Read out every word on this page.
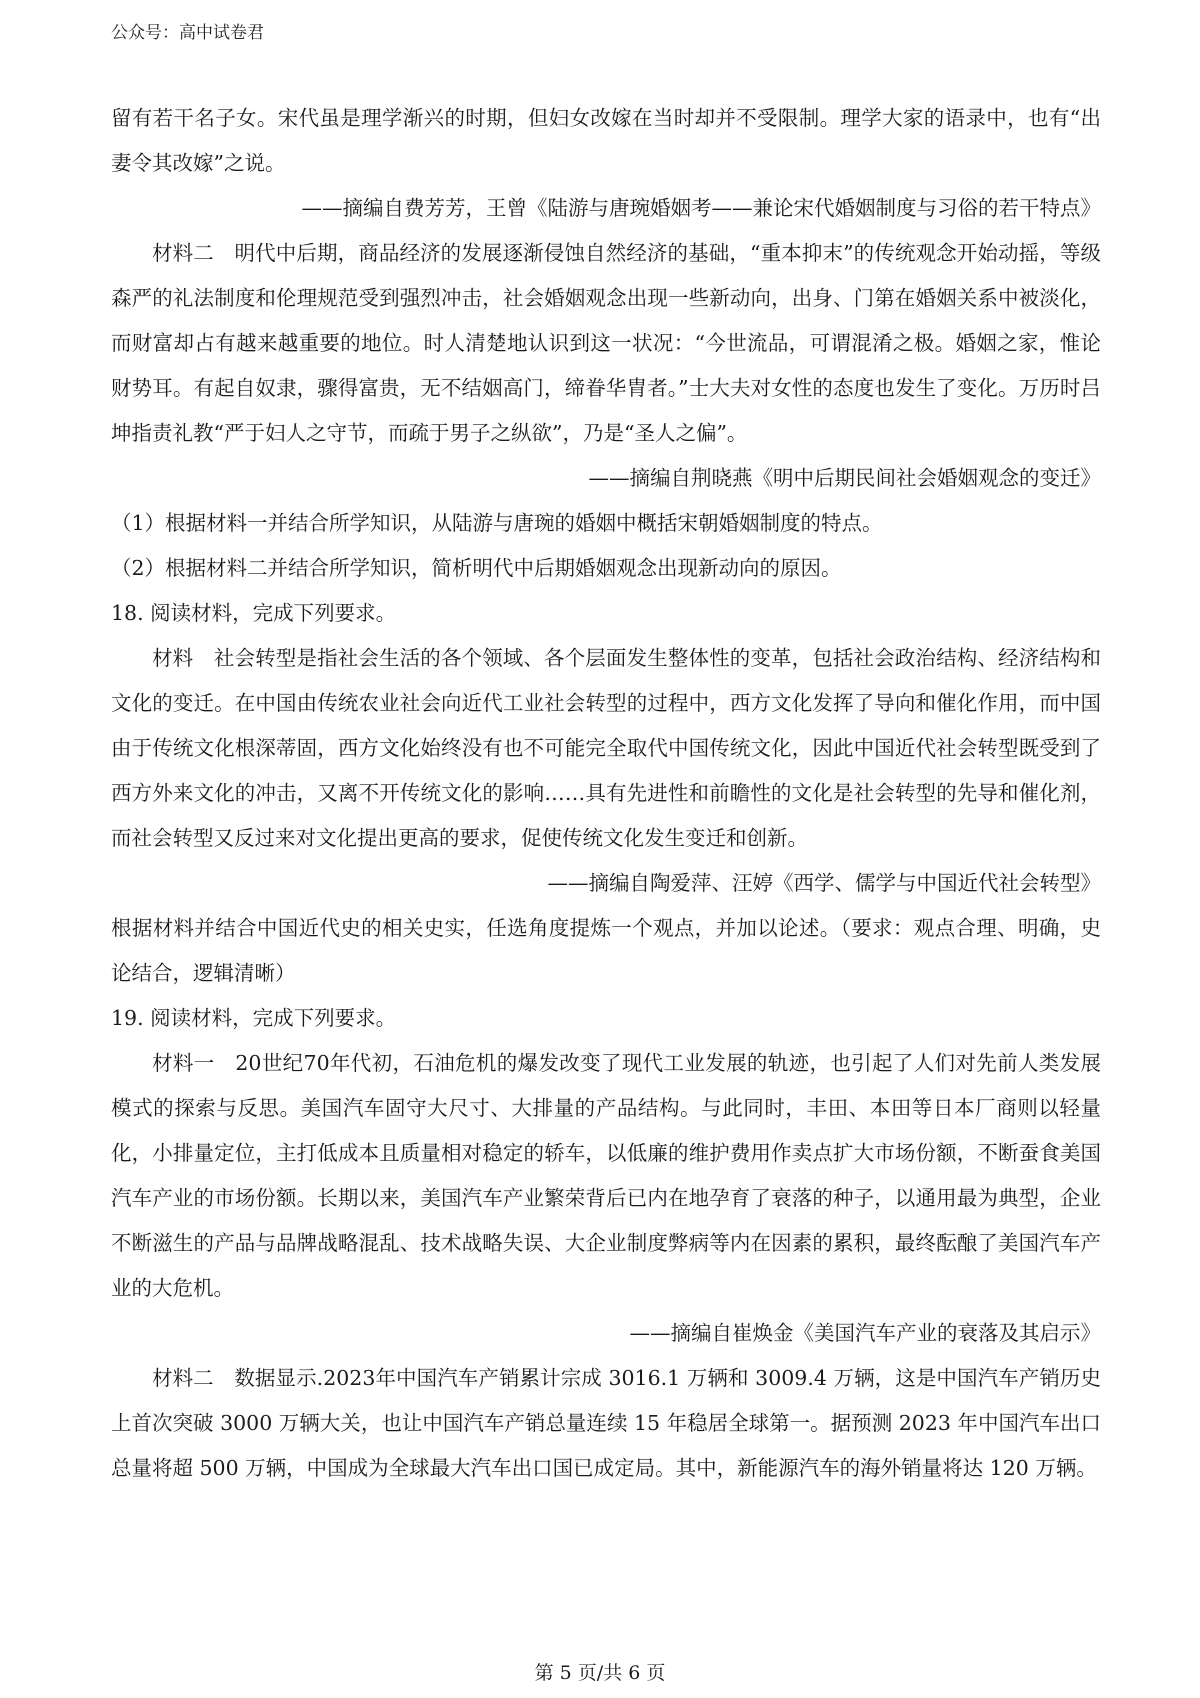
公众号：高中试卷君

留有若干名子女。宋代虽是理学渐兴的时期，但妇女改嫁在当时却并不受限制。理学大家的语录中，也有“出妻令其改嫁”之说。

——摘编自费芳芳，王曾《陆游与唐琬婚姻考——兼论宋代婚姻制度与习俗的若干特点》

材料二　明代中后期，商品经济的发展逐渐侵蚀自然经济的基础，“重本抑末”的传统观念开始动摇，等级森严的礼法制度和伦理规范受到强烈冲击，社会婚姻观念出现一些新动向，出身、门第在婚姻关系中被淡化，而财富却占有越来越重要的地位。时人清楚地认识到这一状况：“今世流品，可谓混淆之极。婚姻之家，惟论财势耳。有起自奴隶，骤得富贵，无不结姻高门，缔眷华胄者。”士大夫对女性的态度也发生了变化。万历时吕坤指责礼教“严于妇人之守节，而疏于男子之纵欲”，乃是“圣人之偏”。

——摘编自荆晓燕《明中后期民间社会婚姻观念的变迁》

（1）根据材料一并结合所学知识，从陆游与唐琬的婚姻中概括宋朝婚姻制度的特点。

（2）根据材料二并结合所学知识，简析明代中后期婚姻观念出现新动向的原因。

18. 阅读材料，完成下列要求。

材料　社会转型是指社会生活的各个领域、各个层面发生整体性的变革，包括社会政治结构、经济结构和文化的变迁。在中国由传统农业社会向近代工业社会转型的过程中，西方文化发挥了导向和催化作用，而中国由于传统文化根深蒂固，西方文化始终没有也不可能完全取代中国传统文化，因此中国近代社会转型既受到了西方外来文化的冲击，又离不开传统文化的影响……具有先进性和前瞻性的文化是社会转型的先导和催化剂，而社会转型又反过来对文化提出更高的要求，促使传统文化发生变迁和创新。

——摘编自陶爱萍、汪婷《西学、儒学与中国近代社会转型》

根据材料并结合中国近代史的相关史实，任选角度提炼一个观点，并加以论述。（要求：观点合理、明确，史论结合，逻辑清晰）

19. 阅读材料，完成下列要求。

材料一　20世纪70年代初，石油危机的爆发改变了现代工业发展的轨迹，也引起了人们对先前人类发展模式的探索与反思。美国汽车固守大尺寸、大排量的产品结构。与此同时，丰田、本田等日本厂商则以轻量化，小排量定位，主打低成本且质量相对稳定的轿车，以低廉的维护费用作卖点扩大市场份额，不断蚕食美国汽车产业的市场份额。长期以来，美国汽车产业繁荣背后已内在地孕育了衰落的种子，以通用最为典型，企业不断滋生的产品与品牌战略混乱、技术战略失误、大企业制度弊病等内在因素的累积，最终酝酿了美国汽车产业的大危机。

——摘编自崔焕金《美国汽车产业的衰落及其启示》

材料二　数据显示.2023年中国汽车产销累计宗成 3016.1 万辆和 3009.4 万辆，这是中国汽车产销历史上首次突破 3000 万辆大关，也让中国汽车产销总量连续 15 年稳居全球第一。据预测 2023 年中国汽车出口总量将超 500 万辆，中国成为全球最大汽车出口国已成定局。其中，新能源汽车的海外销量将达 120 万辆。

第 5 页/共 6 页
